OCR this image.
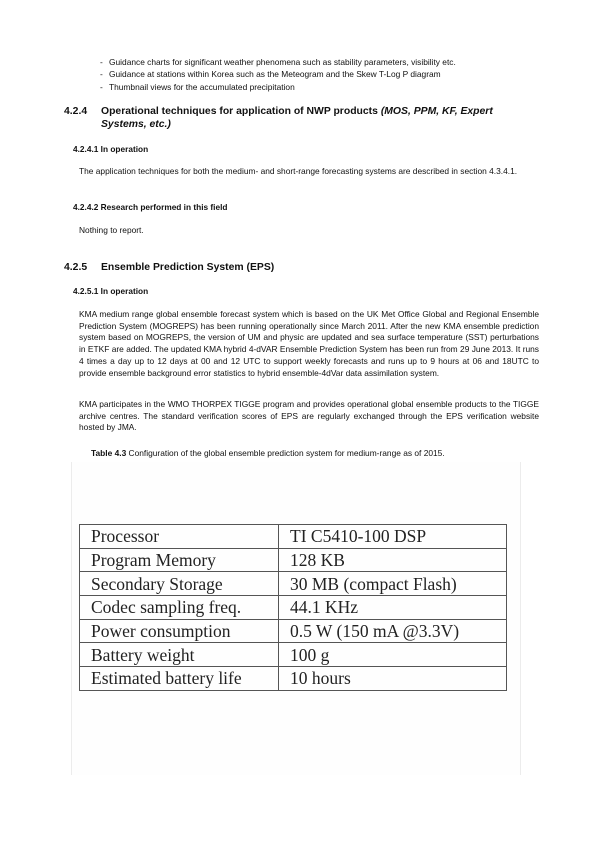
- Guidance charts for significant weather phenomena such as stability parameters, visibility etc.
- Guidance at stations within Korea such as the Meteogram and the Skew T-Log P diagram
- Thumbnail views for the accumulated precipitation
4.2.4 Operational techniques for application of NWP products (MOS, PPM, KF, Expert
Systems, etc.)
4.2.4.1 In operation
The application techniques for both the medium- and short-range forecasting systems are described in section 4.3.4.1.
4.2.4.2 Research performed in this field
Nothing to report.
4.2.5 Ensemble Prediction System (EPS)
4.2.5.1 In operation
KMA medium range global ensemble forecast system which is based on the UK Met Office Global and Regional Ensemble Prediction System (MOGREPS) has been running operationally since March 2011. After the new KMA ensemble prediction system based on MOGREPS, the version of UM and physic are updated and sea surface temperature (SST) perturbations in ETKF are added. The updated KMA hybrid 4-dVAR Ensemble Prediction System has been run from 29 June 2013. It runs 4 times a day up to 12 days at 00 and 12 UTC to support weekly forecasts and runs up to 9 hours at 06 and 18UTC to provide ensemble background error statistics to hybrid ensemble-4dVar data assimilation system.
KMA participates in the WMO THORPEX TIGGE program and provides operational global ensemble products to the TIGGE archive centres. The standard verification scores of EPS are regularly exchanged through the EPS verification website hosted by JMA.
Table 4.3 Configuration of the global ensemble prediction system for medium-range as of 2015.
Processor	TI C5410-100 DSP
Program Memory	128 KB
Secondary Storage	30 MB (compact Flash)
Codec sampling freq.	44.1 KHz
Power consumption	0.5 W (150 mA @3.3V)
Battery weight	100 g
Estimated battery life	10 hours
